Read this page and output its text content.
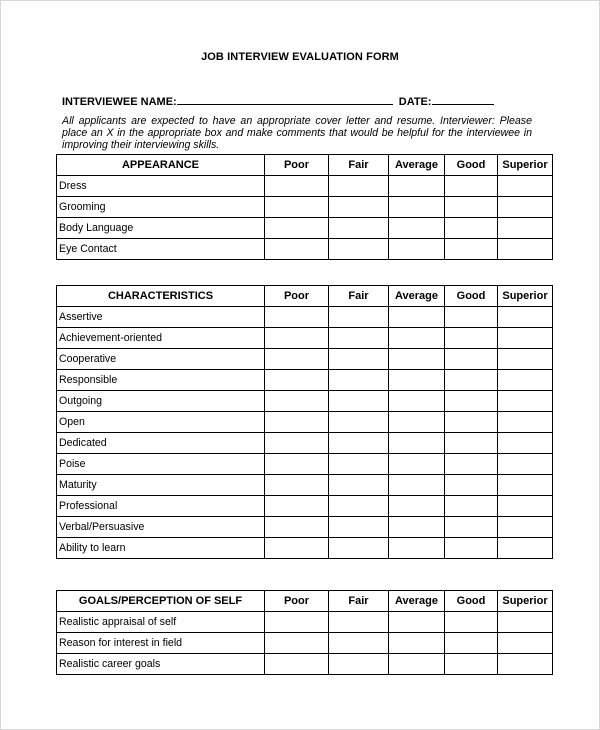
JOB INTERVIEW EVALUATION FORM
INTERVIEWEE NAME:	DATE:
All applicants are expected to have an appropriate cover letter and resume. Interviewer: Please place an X in the appropriate box and make comments that would be helpful for the interviewee in improving their interviewing skills.
APPEARANCE	Poor	Fair	Average	Good	Superior
Dress					
Grooming					
Body Language					
Eye Contact					
CHARACTERISTICS	Poor	Fair	Average	Good	Superior
Assertive					
Achievement-oriented					
Cooperative					
Responsible					
Outgoing					
Open					
Dedicated					
Poise					
Maturity					
Professional					
Verbal/Persuasive					
Ability to learn					
GOALS/PERCEPTION OF SELF	Poor	Fair	Average	Good	Superior
Realistic appraisal of self					
Reason for interest in field					
Realistic career goals					
